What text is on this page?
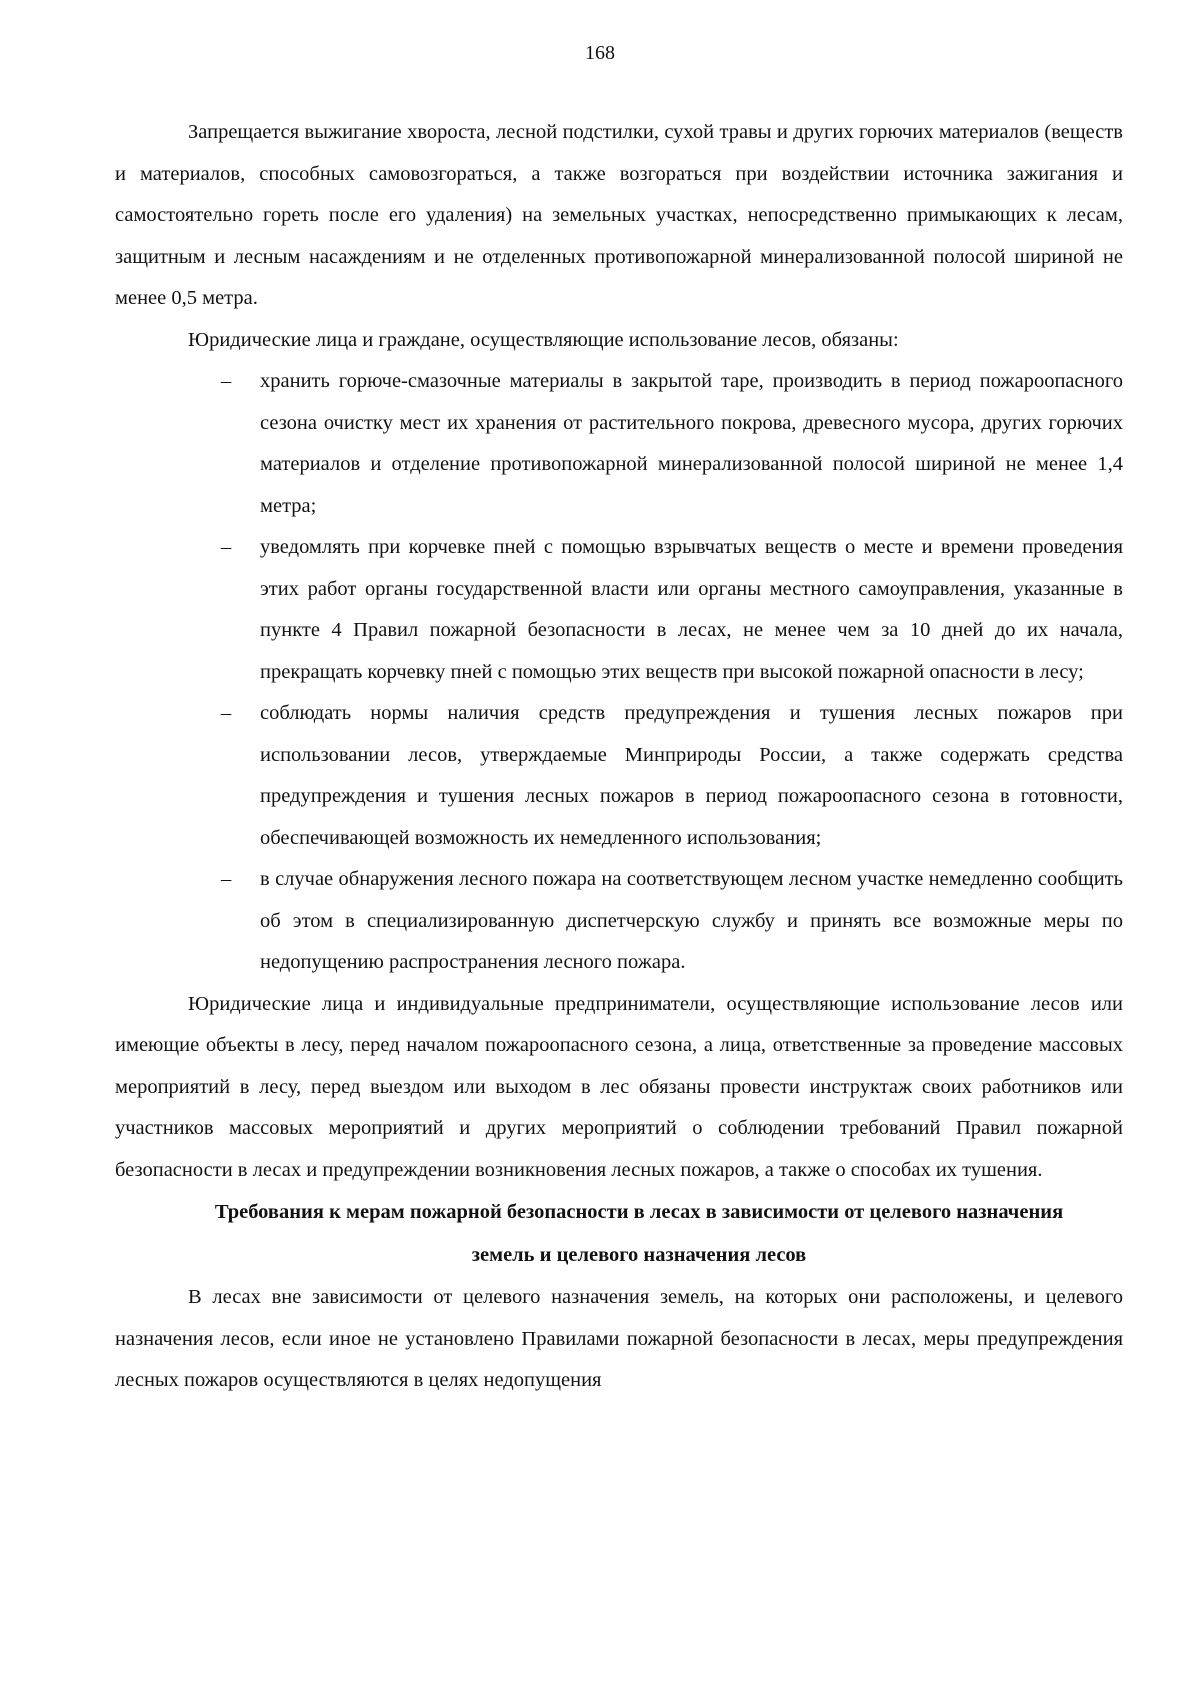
168

Запрещается выжигание хвороста, лесной подстилки, сухой травы и других горючих материалов (веществ и материалов, способных самовозгораться, а также возгораться при воздействии источника зажигания и самостоятельно гореть после его удаления) на земельных участках, непосредственно примыкающих к лесам, защитным и лесным насаждениям и не отделенных противопожарной минерализованной полосой шириной не менее 0,5 метра.

Юридические лица и граждане, осуществляющие использование лесов, обязаны:

– хранить горюче-смазочные материалы в закрытой таре, производить в период пожароопасного сезона очистку мест их хранения от растительного покрова, древесного мусора, других горючих материалов и отделение противопожарной минерализованной полосой шириной не менее 1,4 метра;
– уведомлять при корчевке пней с помощью взрывчатых веществ о месте и времени проведения этих работ органы государственной власти или органы местного самоуправления, указанные в пункте 4 Правил пожарной безопасности в лесах, не менее чем за 10 дней до их начала, прекращать корчевку пней с помощью этих веществ при высокой пожарной опасности в лесу;
– соблюдать нормы наличия средств предупреждения и тушения лесных пожаров при использовании лесов, утверждаемые Минприроды России, а также содержать средства предупреждения и тушения лесных пожаров в период пожароопасного сезона в готовности, обеспечивающей возможность их немедленного использования;
– в случае обнаружения лесного пожара на соответствующем лесном участке немедленно сообщить об этом в специализированную диспетчерскую службу и принять все возможные меры по недопущению распространения лесного пожара.

Юридические лица и индивидуальные предприниматели, осуществляющие использование лесов или имеющие объекты в лесу, перед началом пожароопасного сезона, а лица, ответственные за проведение массовых мероприятий в лесу, перед выездом или выходом в лес обязаны провести инструктаж своих работников или участников массовых мероприятий и других мероприятий о соблюдении требований Правил пожарной безопасности в лесах и предупреждении возникновения лесных пожаров, а также о способах их тушения.

Требования к мерам пожарной безопасности в лесах в зависимости от целевого назначения земель и целевого назначения лесов

В лесах вне зависимости от целевого назначения земель, на которых они расположены, и целевого назначения лесов, если иное не установлено Правилами пожарной безопасности в лесах, меры предупреждения лесных пожаров осуществляются в целях недопущения
